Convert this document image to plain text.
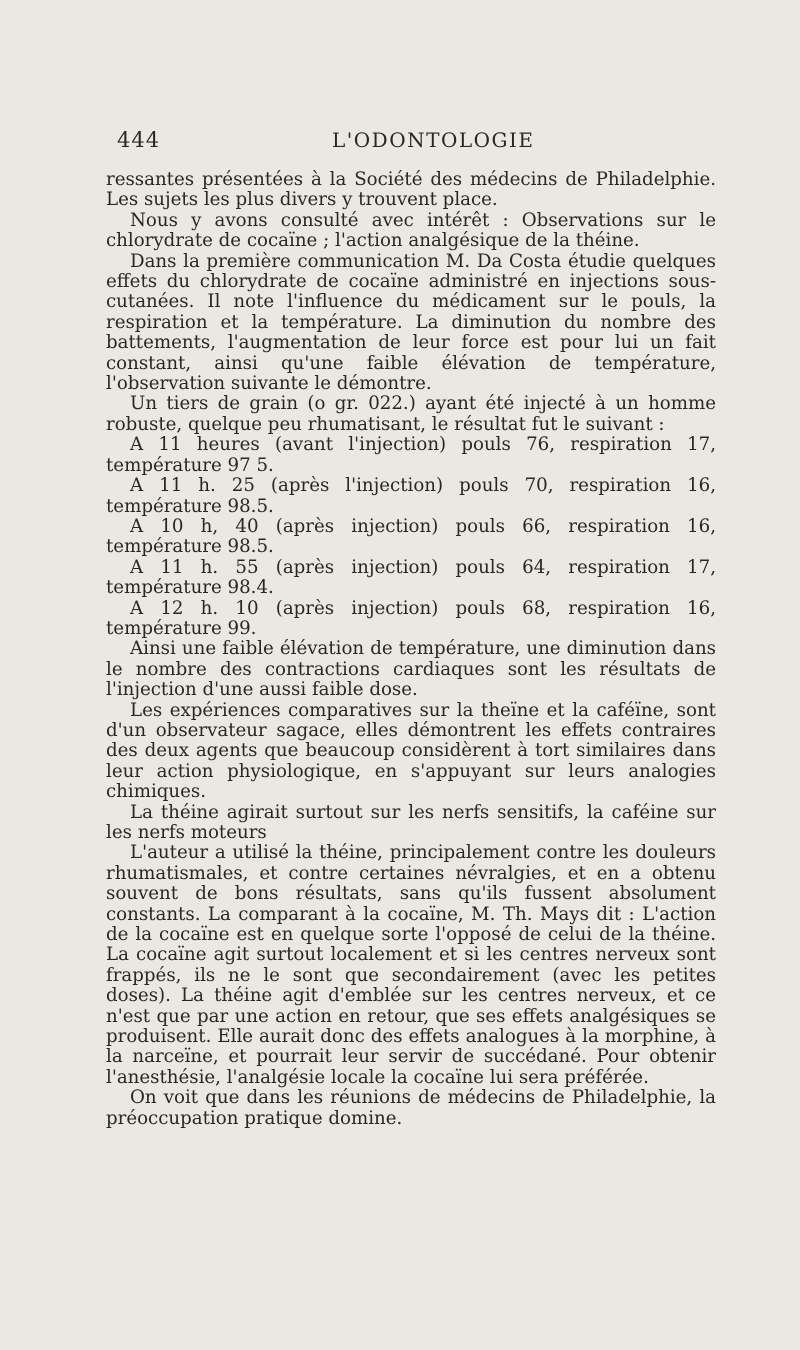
444	L'ODONTOLOGIE

ressantes présentées à la Société des médecins de Philadelphie. Les sujets les plus divers y trouvent place.

Nous y avons consulté avec intérêt : Observations sur le chlorydrate de cocaïne ; l'action analgésique de la théine.

Dans la première communication M. Da Costa étudie quelques effets du chlorydrate de cocaïne administré en injections sous-cutanées. Il note l'influence du médicament sur le pouls, la respiration et la température. La diminution du nombre des battements, l'augmentation de leur force est pour lui un fait constant, ainsi qu'une faible élévation de température, l'observation suivante le démontre.

Un tiers de grain (o gr. 022.) ayant été injecté à un homme robuste, quelque peu rhumatisant, le résultat fut le suivant :

A 11 heures (avant l'injection) pouls 76, respiration 17, température 97 5.

A 11 h. 25 (après l'injection) pouls 70, respiration 16, température 98.5.

A 10 h, 40 (après injection) pouls 66, respiration 16, température 98.5.

A 11 h. 55 (après injection) pouls 64, respiration 17, température 98.4.

A 12 h. 10 (après injection) pouls 68, respiration 16, température 99.

Ainsi une faible élévation de température, une diminution dans le nombre des contractions cardiaques sont les résultats de l'injection d'une aussi faible dose.

Les expériences comparatives sur la theïne et la caféïne, sont d'un observateur sagace, elles démontrent les effets contraires des deux agents que beaucoup considèrent à tort similaires dans leur action physiologique, en s'appuyant sur leurs analogies chimiques.

La théine agirait surtout sur les nerfs sensitifs, la caféine sur les nerfs moteurs

L'auteur a utilisé la théine, principalement contre les douleurs rhumatismales, et contre certaines névralgies, et en a obtenu souvent de bons résultats, sans qu'ils fussent absolument constants. La comparant à la cocaïne, M. Th. Mays dit : L'action de la cocaïne est en quelque sorte l'opposé de celui de la théine. La cocaïne agit surtout localement et si les centres nerveux sont frappés, ils ne le sont que secondairement (avec les petites doses). La théine agit d'emblée sur les centres nerveux, et ce n'est que par une action en retour, que ses effets analgésiques se produisent. Elle aurait donc des effets analogues à la morphine, à la narceïne, et pourrait leur servir de succédané. Pour obtenir l'anesthésie, l'analgésie locale la cocaïne lui sera préférée.

On voit que dans les réunions de médecins de Philadelphie, la préoccupation pratique domine.
